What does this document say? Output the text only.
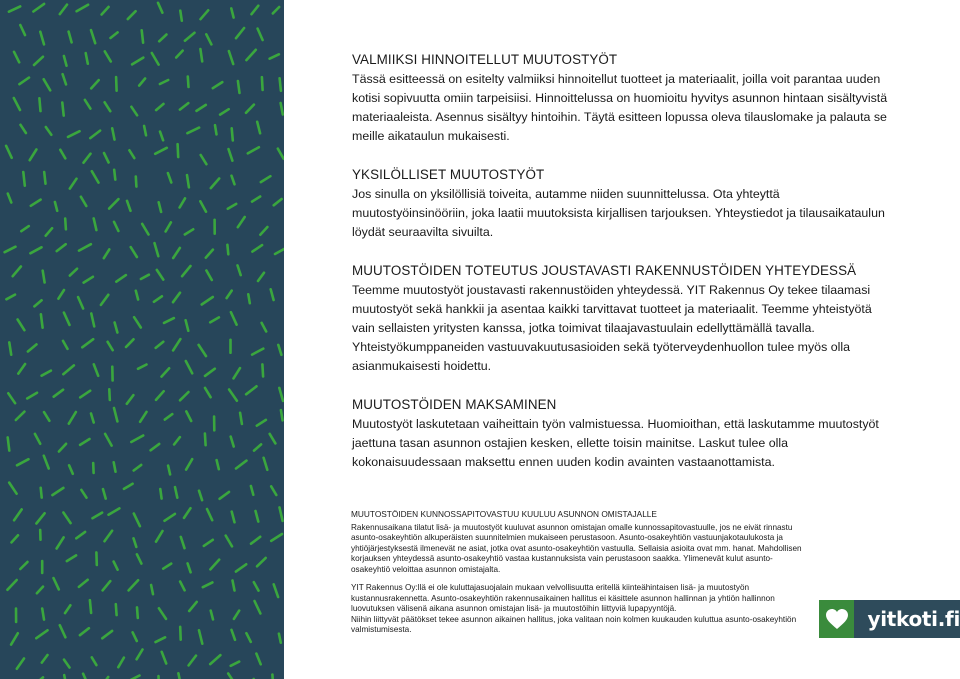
VALMIIKSI HINNOITELLUT MUUTOSTYÖT

Tässä esitteessä on esitelty valmiiksi hinnoitellut tuotteet ja materiaalit, joilla voit parantaa uuden kotisi sopivuutta omiin tarpeisiisi. Hinnoittelussa on huomioitu hyvitys asunnon hintaan sisältyvistä materiaaleista. Asennus sisältyy hintoihin. Täytä esitteen lopussa oleva tilauslomake ja palauta se meille aikataulun mukaisesti.

YKSILÖLLISET MUUTOSTYÖT

Jos sinulla on yksilöllisiä toiveita, autamme niiden suunnittelussa. Ota yhteyttä muutostyöinsinööriin, joka laatii muutoksista kirjallisen tarjouksen. Yhteystiedot ja tilausaikataulun löydät seuraavilta sivuilta.

MUUTOSTÖIDEN TOTEUTUS JOUSTAVASTI RAKENNUSTÖIDEN YHTEYDESSÄ

Teemme muutostyöt joustavasti rakennustöiden yhteydessä. YIT Rakennus Oy tekee tilaamasi muutostyöt sekä hankkii ja asentaa kaikki tarvittavat tuotteet ja materiaalit. Teemme yhteistyötä vain sellaisten yritysten kanssa, jotka toimivat tilaajavastuulain edellyttämällä tavalla. Yhteistyökumppaneiden vastuuvakuutusasioiden sekä työterveydenhuollon tulee myös olla asianmukaisesti hoidettu.

MUUTOSTÖIDEN MAKSAMINEN

Muutostyöt laskutetaan vaiheittain työn valmistuessa. Huomioithan, että laskutamme muutostyöt jaettuna tasan asunnon ostajien kesken, ellette toisin mainitse. Laskut tulee olla kokonaisuudessaan maksettu ennen uuden kodin avainten vastaanottamista.

MUUTOSTÖIDEN KUNNOSSAPITOVASTUU KUULUU ASUNNON OMISTAJALLE

Rakennusaikana tilatut lisä- ja muutostyöt kuuluvat asunnon omistajan omalle kunnossapitovastuulle, jos ne eivät rinnastu asunto-osakeyhtiön alkuperäisten suunnitelmien mukaiseen perustasoon. Asunto-osakeyhtiön vastuunjakotaulukosta ja yhtiöjärjestyksestä ilmenevät ne asiat, jotka ovat asunto-osakeyhtiön vastuulla. Sellaisia asioita ovat mm. hanat. Mahdollisen korjauksen yhteydessä asunto-osakeyhtiö vastaa kustannuksista vain perustasoon saakka. Ylimenevät kulut asunto-osakeyhtiö veloittaa asunnon omistajalta.

YIT Rakennus Oy:llä ei ole kuluttajasuojalain mukaan velvollisuutta eritellä kiinteähintaisen lisä- ja muutostyön kustannusrakennetta. Asunto-osakeyhtiön rakennusaikainen hallitus ei käsittele asunnon hallinnan ja yhtiön hallinnon luovutuksen välisenä aikana asunnon omistajan lisä- ja muutostöihin liittyviä lupapyyntöjä.

Niihin liittyvät päätökset tekee asunnon aikainen hallitus, joka valitaan noin kolmen kuukauden kuluttua asunto-osakeyhtiön valmistumisesta.	yitkoti.fi
